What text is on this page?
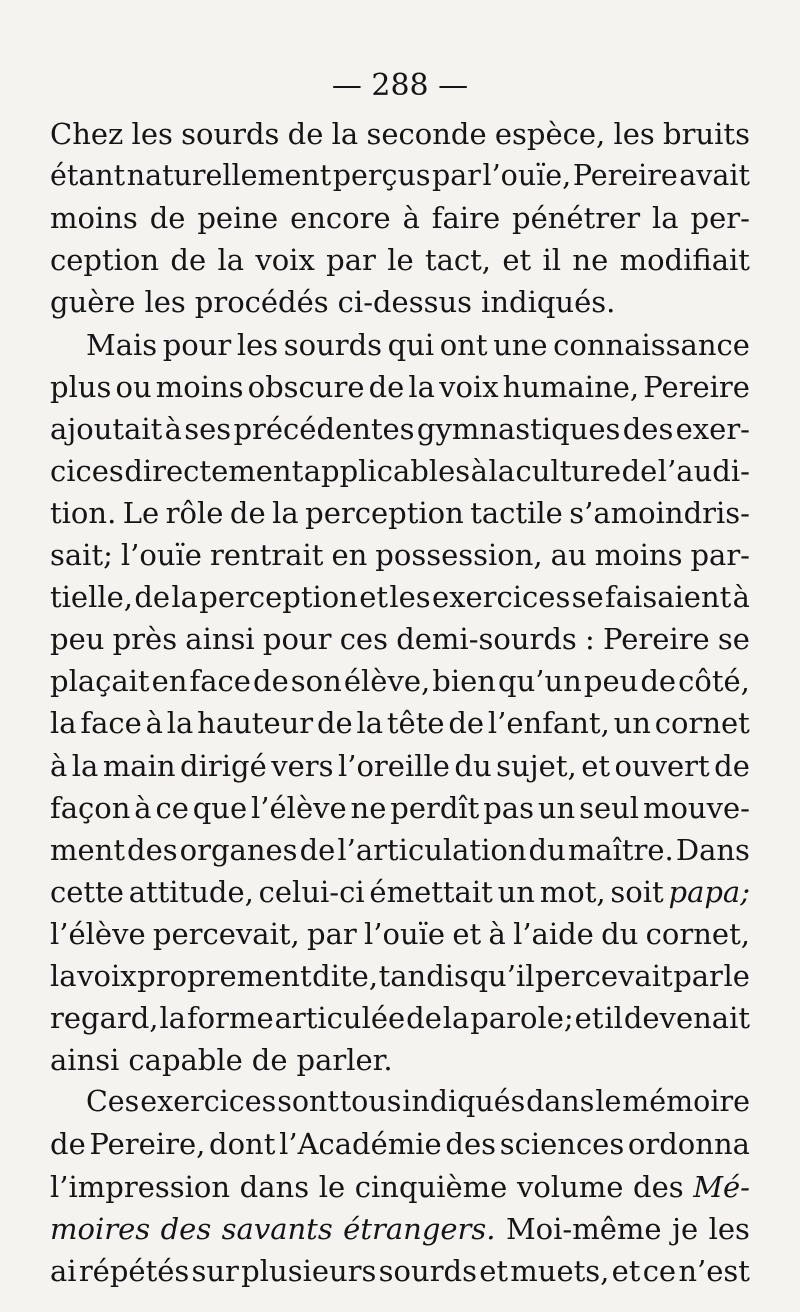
— 288 —
Chez les sourds de la seconde espèce, les bruits
étant naturellement perçus par l’ouïe, Pereire avait
moins de peine encore à faire pénétrer la per-
ception de la voix par le tact, et il ne modifiait
guère les procédés ci-dessus indiqués.
Mais pour les sourds qui ont une connaissance
plus ou moins obscure de la voix humaine, Pereire
ajoutait à ses précédentes gymnastiques des exer-
cices directement applicables à la culture de l’audi-
tion. Le rôle de la perception tactile s’amoindris-
sait; l’ouïe rentrait en possession, au moins par-
tielle, de la perception et les exercices se faisaient à
peu près ainsi pour ces demi-sourds : Pereire se
plaçait en face de son élève, bien qu’un peu de côté,
la face à la hauteur de la tête de l’enfant, un cornet
à la main dirigé vers l’oreille du sujet, et ouvert de
façon à ce que l’élève ne perdît pas un seul mouve-
ment des organes de l’articulation du maître. Dans
cette attitude, celui-ci émettait un mot, soit papa;
l’élève percevait, par l’ouïe et à l’aide du cornet,
la voix proprement dite, tandis qu’il percevait par le
regard, la forme articulée de la parole; et il devenait
ainsi capable de parler.
Ces exercices sont tous indiqués dans le mémoire
de Pereire, dont l’Académie des sciences ordonna
l’impression dans le cinquième volume des Mé-
moires des savants étrangers. Moi-même je les
ai répétés sur plusieurs sourds et muets, et ce n’est
